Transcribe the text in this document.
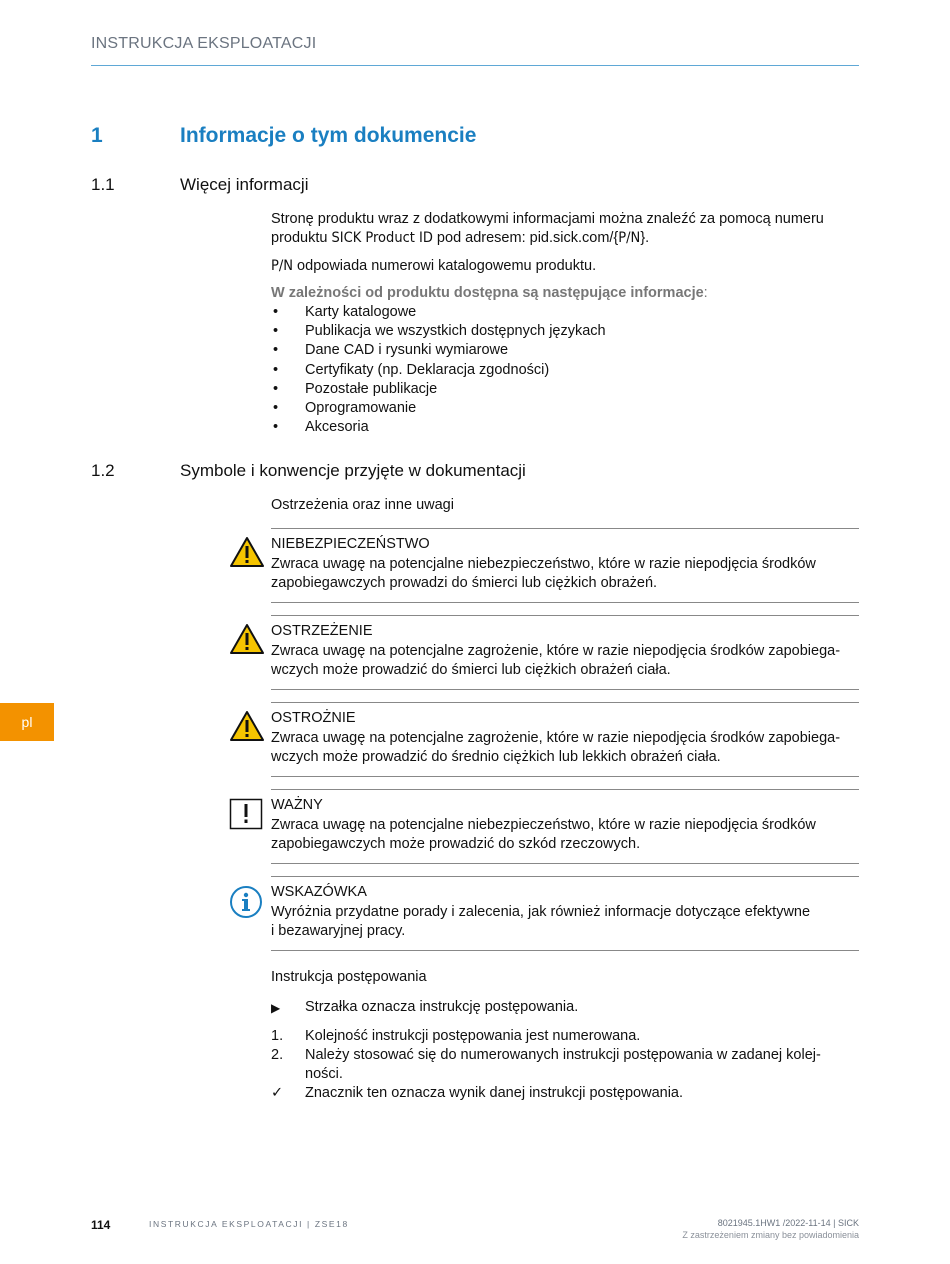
INSTRUKCJA EKSPLOATACJI
1	Informacje o tym dokumencie
1.1	Więcej informacji
Stronę produktu wraz z dodatkowymi informacjami można znaleźć za pomocą numeru produktu SICK Product ID pod adresem: pid.sick.com/{P/N}.
P/N odpowiada numerowi katalogowemu produktu.
W zależności od produktu dostępna są następujące informacje:
• Karty katalogowe
• Publikacja we wszystkich dostępnych językach
• Dane CAD i rysunki wymiarowe
• Certyfikaty (np. Deklaracja zgodności)
• Pozostałe publikacje
• Oprogramowanie
• Akcesoria
1.2	Symbole i konwencje przyjęte w dokumentacji
Ostrzeżenia oraz inne uwagi
NIEBEZPIECZEŃSTWO
Zwraca uwagę na potencjalne niebezpieczeństwo, które w razie niepodjęcia środków
zapobiegawczych prowadzi do śmierci lub ciężkich obrażeń.
OSTRZEŻENIE
Zwraca uwagę na potencjalne zagrożenie, które w razie niepodjęcia środków zapobiega-
wczych może prowadzić do śmierci lub ciężkich obrażeń ciała.
OSTROŻNIE
Zwraca uwagę na potencjalne zagrożenie, które w razie niepodjęcia środków zapobiega-
wczych może prowadzić do średnio ciężkich lub lekkich obrażeń ciała.
WAŻNY
Zwraca uwagę na potencjalne niebezpieczeństwo, które w razie niepodjęcia środków
zapobiegawczych może prowadzić do szkód rzeczowych.
WSKAZÓWKA
Wyróżnia przydatne porady i zalecenia, jak również informacje dotyczące efektywne
i bezawaryjnej pracy.
Instrukcja postępowania
▶ Strzałka oznacza instrukcję postępowania.
1. Kolejność instrukcji postępowania jest numerowana.
2. Należy stosować się do numerowanych instrukcji postępowania w zadanej kolej-
ności.
✓ Znacznik ten oznacza wynik danej instrukcji postępowania.
pl
114	INSTRUKCJA EKSPLOATACJI | ZSE18	8021945.1HW1 /2022-11-14 | SICK
Z zastrzeżeniem zmiany bez powiadomienia
